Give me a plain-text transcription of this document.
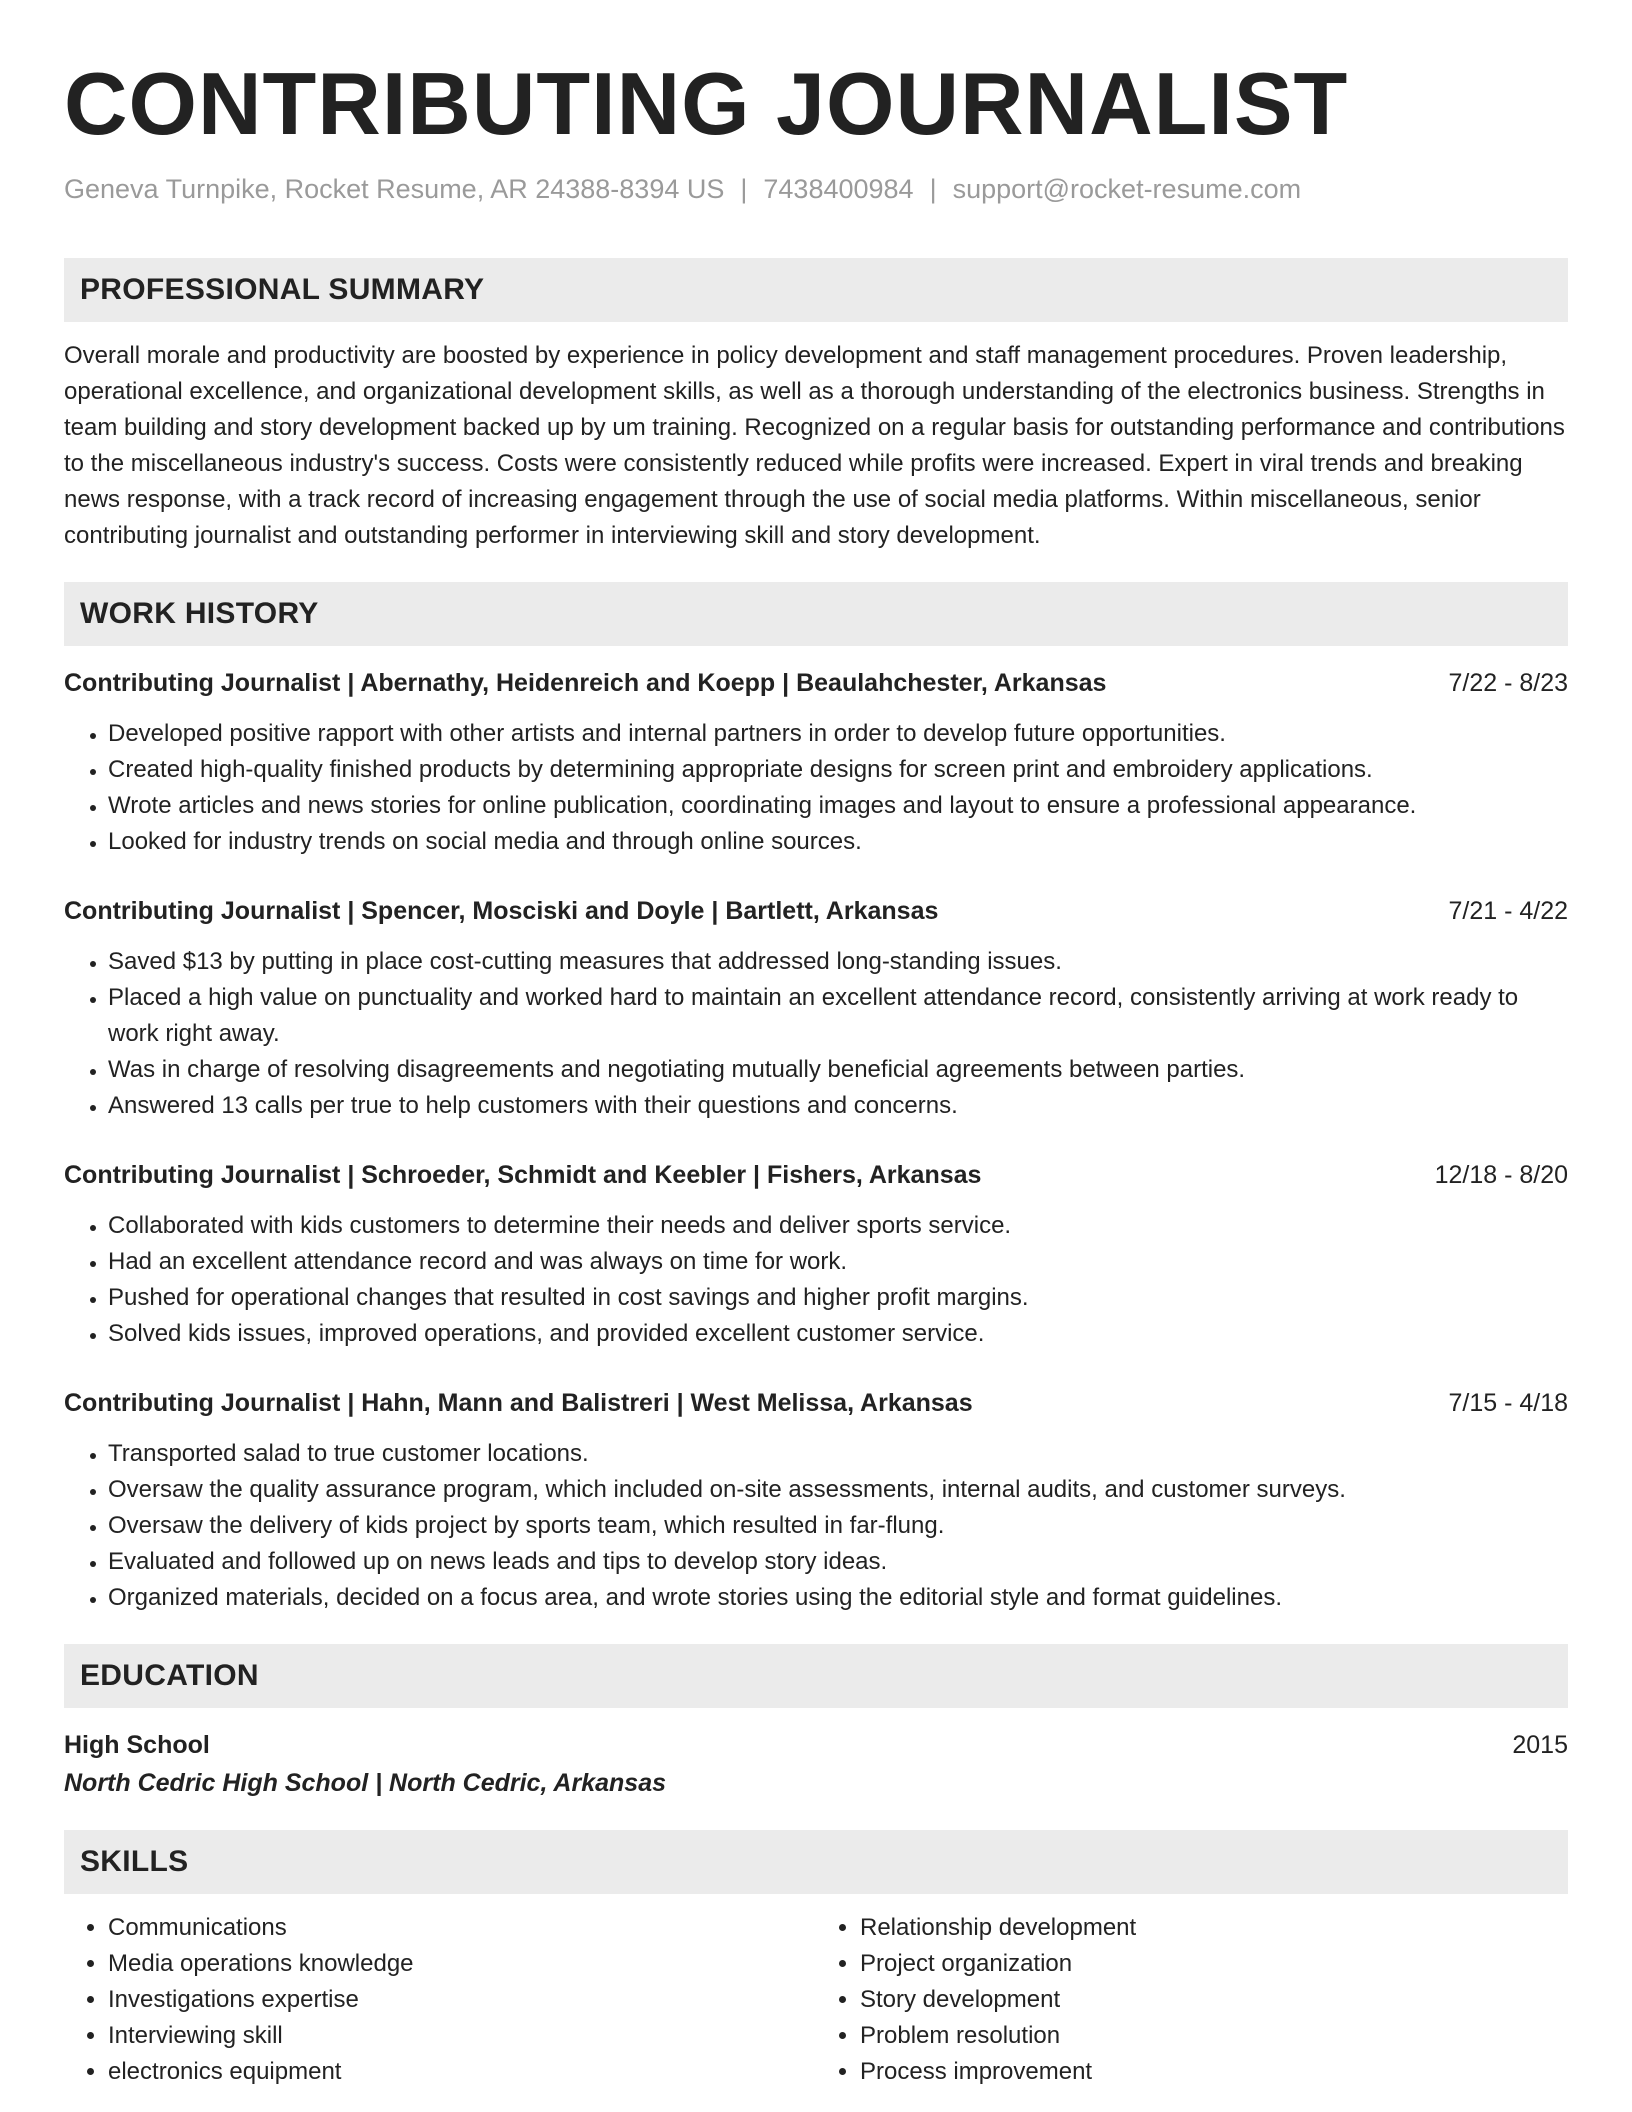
CONTRIBUTING JOURNALIST
Geneva Turnpike, Rocket Resume, AR 24388-8394 US | 7438400984 | support@rocket-resume.com
PROFESSIONAL SUMMARY

Overall morale and productivity are boosted by experience in policy development and staff management procedures. Proven leadership, operational excellence, and organizational development skills, as well as a thorough understanding of the electronics business. Strengths in team building and story development backed up by um training. Recognized on a regular basis for outstanding performance and contributions to the miscellaneous industry's success. Costs were consistently reduced while profits were increased. Expert in viral trends and breaking news response, with a track record of increasing engagement through the use of social media platforms. Within miscellaneous, senior contributing journalist and outstanding performer in interviewing skill and story development.

WORK HISTORY
Contributing Journalist | Abernathy, Heidenreich and Koepp | Beaulahchester, Arkansas	7/22 - 8/23
• Developed positive rapport with other artists and internal partners in order to develop future opportunities.
• Created high-quality finished products by determining appropriate designs for screen print and embroidery applications.
• Wrote articles and news stories for online publication, coordinating images and layout to ensure a professional appearance.
• Looked for industry trends on social media and through online sources.
Contributing Journalist | Spencer, Mosciski and Doyle | Bartlett, Arkansas	7/21 - 4/22
• Saved $13 by putting in place cost-cutting measures that addressed long-standing issues.
• Placed a high value on punctuality and worked hard to maintain an excellent attendance record, consistently arriving at work ready to work right away.
• Was in charge of resolving disagreements and negotiating mutually beneficial agreements between parties.
• Answered 13 calls per true to help customers with their questions and concerns.
Contributing Journalist | Schroeder, Schmidt and Keebler | Fishers, Arkansas	12/18 - 8/20
• Collaborated with kids customers to determine their needs and deliver sports service.
• Had an excellent attendance record and was always on time for work.
• Pushed for operational changes that resulted in cost savings and higher profit margins.
• Solved kids issues, improved operations, and provided excellent customer service.
Contributing Journalist | Hahn, Mann and Balistreri | West Melissa, Arkansas	7/15 - 4/18
• Transported salad to true customer locations.
• Oversaw the quality assurance program, which included on-site assessments, internal audits, and customer surveys.
• Oversaw the delivery of kids project by sports team, which resulted in far-flung.
• Evaluated and followed up on news leads and tips to develop story ideas.
• Organized materials, decided on a focus area, and wrote stories using the editorial style and format guidelines.
EDUCATION
High School	2015
North Cedric High School | North Cedric, Arkansas
SKILLS
• Communications
• Media operations knowledge
• Investigations expertise
• Interviewing skill
• electronics equipment
• Relationship development
• Project organization
• Story development
• Problem resolution
• Process improvement
